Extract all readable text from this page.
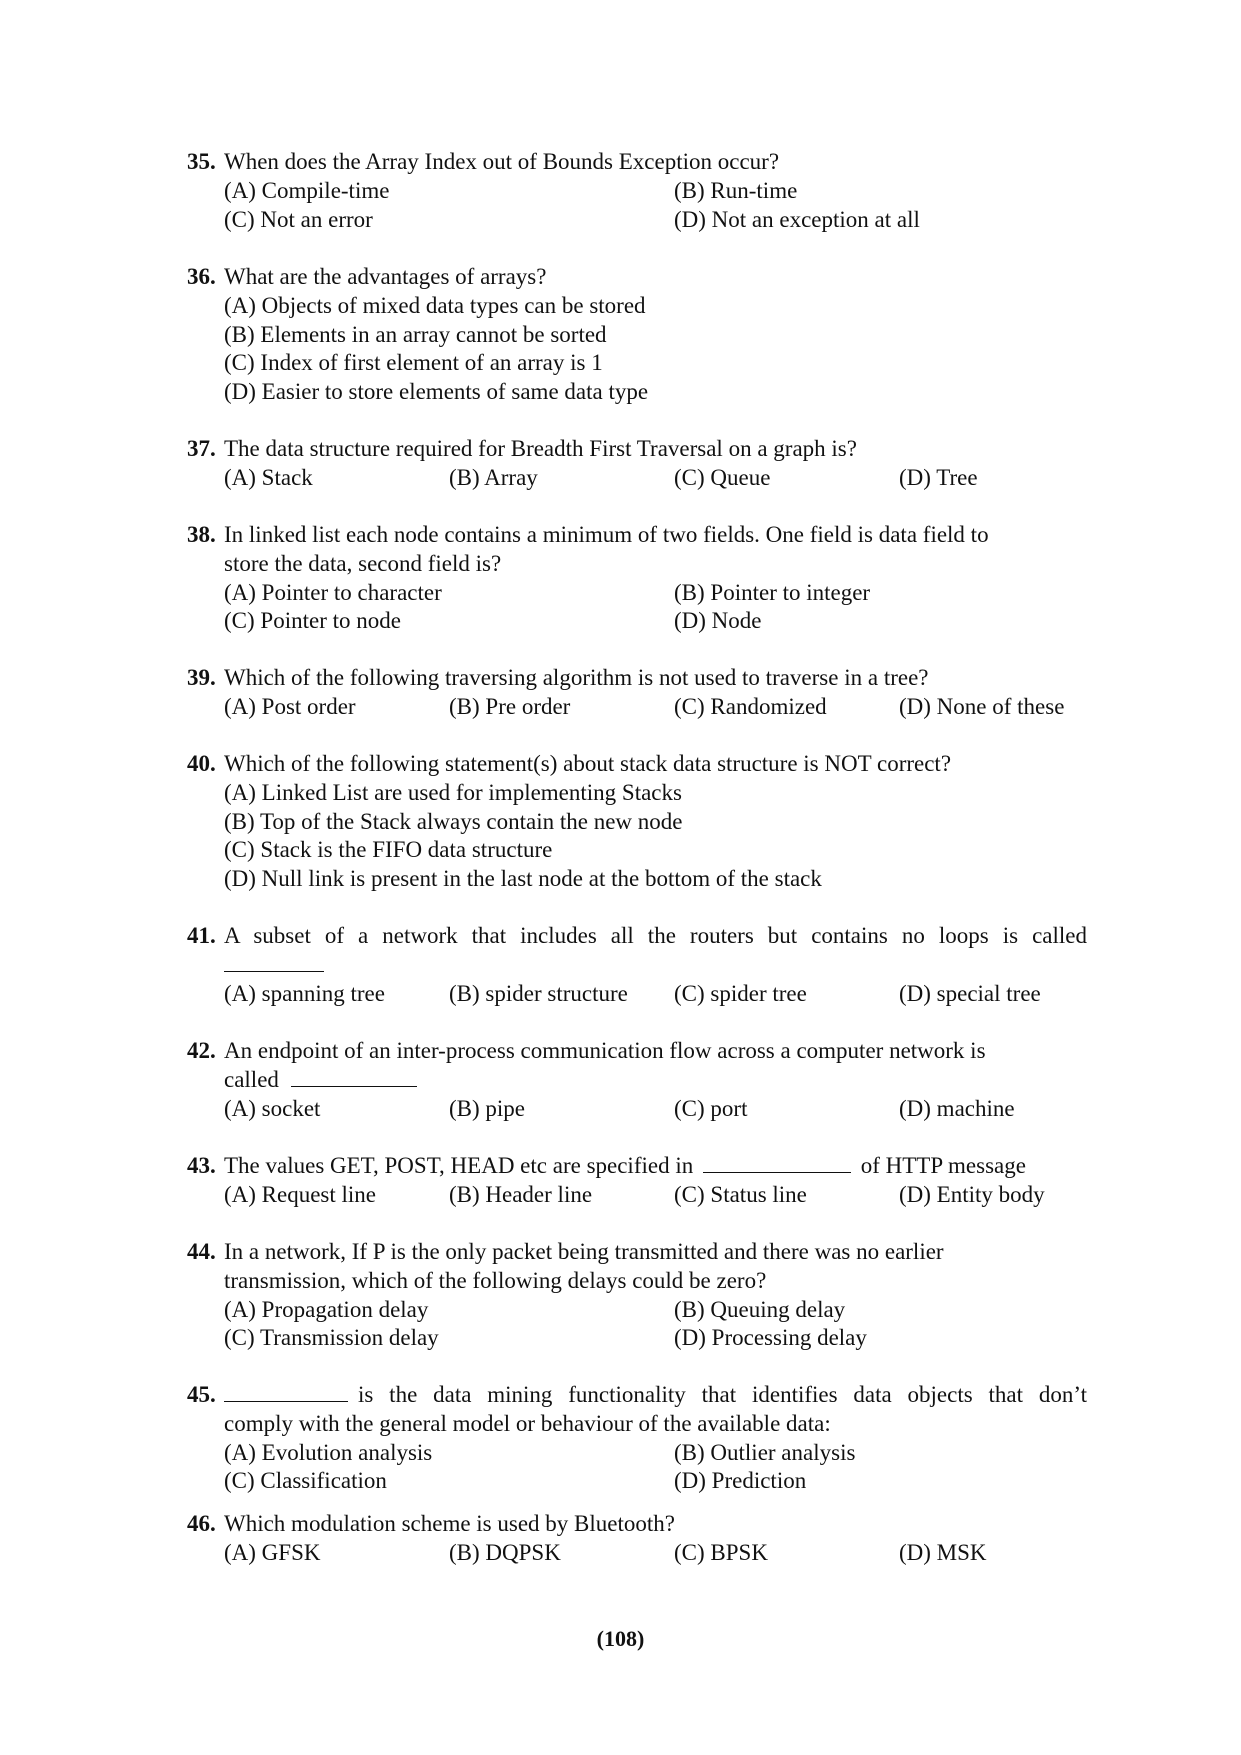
35. When does the Array Index out of Bounds Exception occur?
(A) Compile-time	(B) Run-time
(C) Not an error	(D) Not an exception at all
36. What are the advantages of arrays?
(A) Objects of mixed data types can be stored
(B) Elements in an array cannot be sorted
(C) Index of first element of an array is 1
(D) Easier to store elements of same data type
37. The data structure required for Breadth First Traversal on a graph is?
(A) Stack	(B) Array	(C) Queue	(D) Tree
38. In linked list each node contains a minimum of two fields. One field is data field to
store the data, second field is?
(A) Pointer to character	(B) Pointer to integer
(C) Pointer to node	(D) Node
39. Which of the following traversing algorithm is not used to traverse in a tree?
(A) Post order	(B) Pre order	(C) Randomized	(D) None of these
40. Which of the following statement(s) about stack data structure is NOT correct?
(A) Linked List are used for implementing Stacks
(B) Top of the Stack always contain the new node
(C) Stack is the FIFO data structure
(D) Null link is present in the last node at the bottom of the stack
41. A subset of a network that includes all the routers but contains no loops is called
(A) spanning tree	(B) spider structure (C) spider tree	(D) special tree
42. An endpoint of an inter-process communication flow across a computer network is
called
(A) socket	(B) pipe	(C) port	(D) machine
43. The values GET, POST, HEAD etc are specified in	of HTTP message
(A) Request line	(B) Header line	(C) Status line	(D) Entity body
44. In a network, If P is the only packet being transmitted and there was no earlier
transmission, which of the following delays could be zero?
(A) Propagation delay	(B) Queuing delay
(C) Transmission delay	(D) Processing delay
45.	is the data mining functionality that identifies data objects that don’t
comply with the general model or behaviour of the available data:
(A) Evolution analysis	(B) Outlier analysis
(C) Classification	(D) Prediction
46. Which modulation scheme is used by Bluetooth?
(A) GFSK	(B) DQPSK	(C) BPSK	(D) MSK
(108)
